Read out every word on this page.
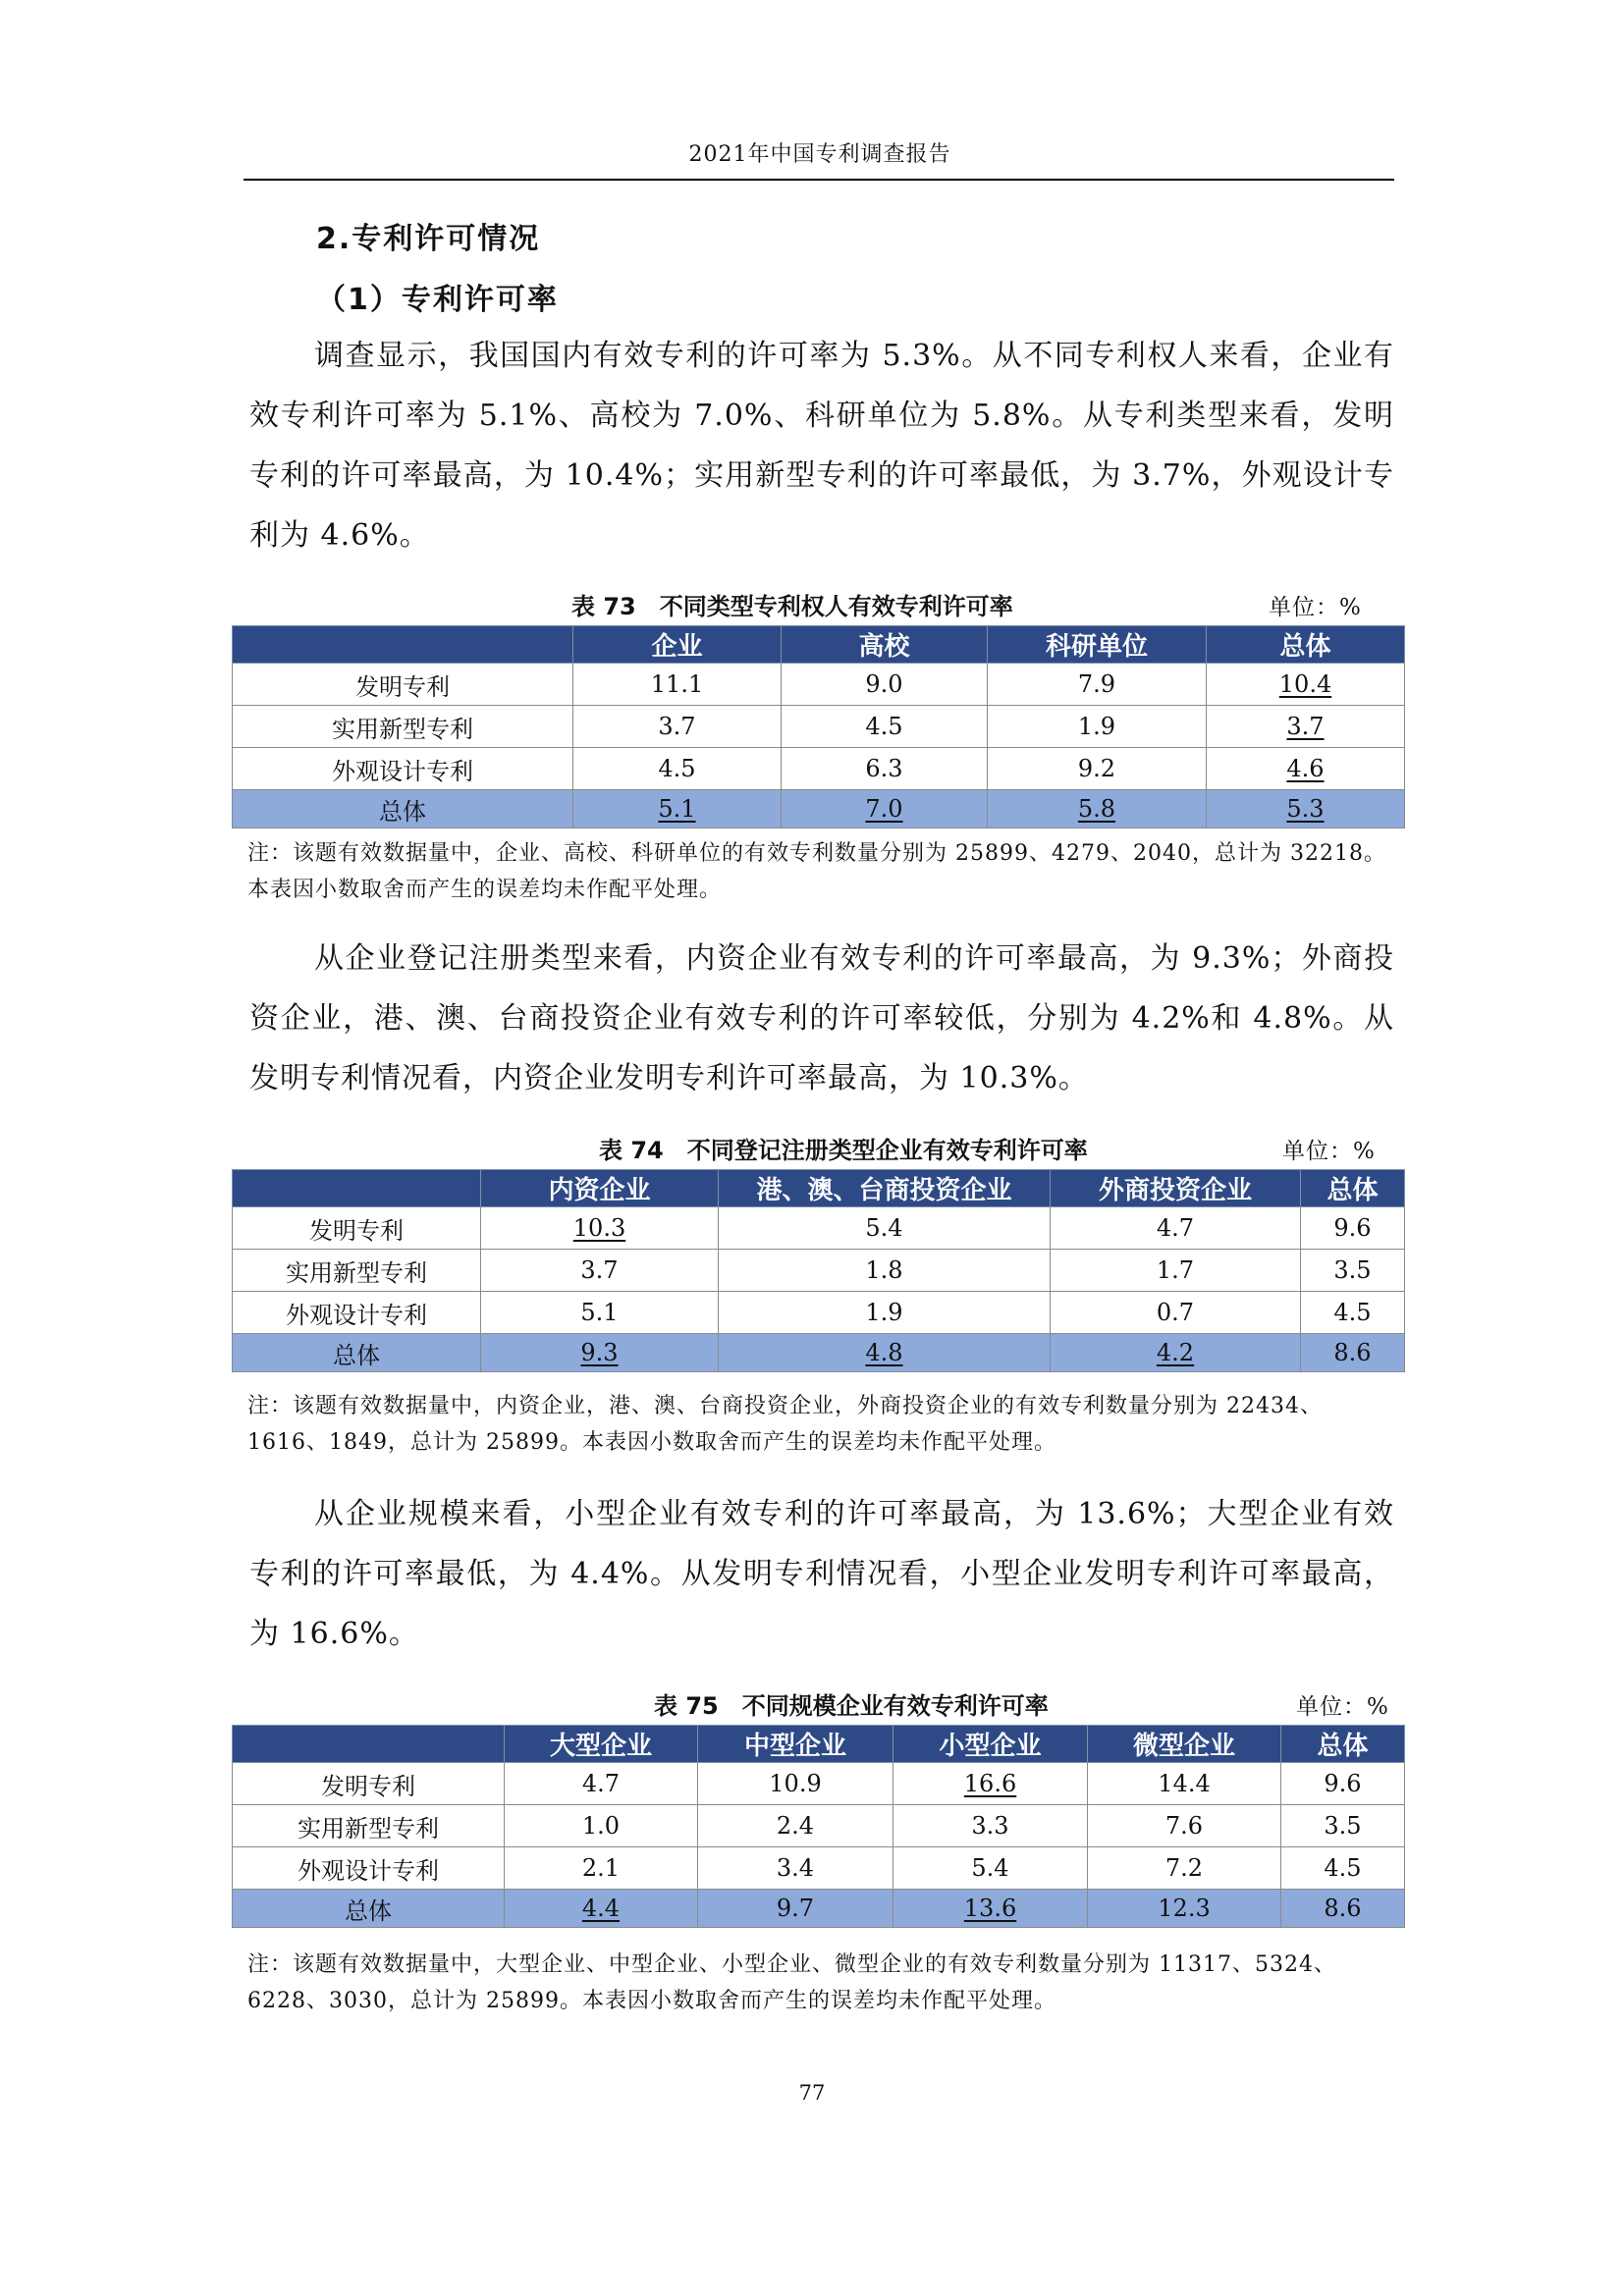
2021年中国专利调查报告
2.专利许可情况
（1）专利许可率

调查显示，我国国内有效专利的许可率为 5.3%。从不同专利权人来看，企业有效专利许可率为 5.1%、高校为 7.0%、科研单位为 5.8%。从专利类型来看，发明专利的许可率最高，为 10.4%；实用新型专利的许可率最低，为 3.7%，外观设计专利为 4.6%。

表 73　不同类型专利权人有效专利许可率	单位：%
	企业	高校	科研单位	总体
发明专利	11.1	9.0	7.9	10.4
实用新型专利	3.7	4.5	1.9	3.7
外观设计专利	4.5	6.3	9.2	4.6
总体	5.1	7.0	5.8	5.3

注：该题有效数据量中，企业、高校、科研单位的有效专利数量分别为 25899、4279、2040，总计为 32218。本表因小数取舍而产生的误差均未作配平处理。

从企业登记注册类型来看，内资企业有效专利的许可率最高，为 9.3%；外商投资企业，港、澳、台商投资企业有效专利的许可率较低，分别为 4.2%和 4.8%。从发明专利情况看，内资企业发明专利许可率最高，为 10.3%。

表 74　不同登记注册类型企业有效专利许可率	单位：%
	内资企业	港、澳、台商投资企业	外商投资企业	总体
发明专利	10.3	5.4	4.7	9.6
实用新型专利	3.7	1.8	1.7	3.5
外观设计专利	5.1	1.9	0.7	4.5
总体	9.3	4.8	4.2	8.6

注：该题有效数据量中，内资企业，港、澳、台商投资企业，外商投资企业的有效专利数量分别为 22434、1616、1849，总计为 25899。本表因小数取舍而产生的误差均未作配平处理。

从企业规模来看，小型企业有效专利的许可率最高，为 13.6%；大型企业有效专利的许可率最低，为 4.4%。从发明专利情况看，小型企业发明专利许可率最高，为 16.6%。

表 75　不同规模企业有效专利许可率	单位：%
	大型企业	中型企业	小型企业	微型企业	总体
发明专利	4.7	10.9	16.6	14.4	9.6
实用新型专利	1.0	2.4	3.3	7.6	3.5
外观设计专利	2.1	3.4	5.4	7.2	4.5
总体	4.4	9.7	13.6	12.3	8.6

注：该题有效数据量中，大型企业、中型企业、小型企业、微型企业的有效专利数量分别为 11317、5324、6228、3030，总计为 25899。本表因小数取舍而产生的误差均未作配平处理。

77
